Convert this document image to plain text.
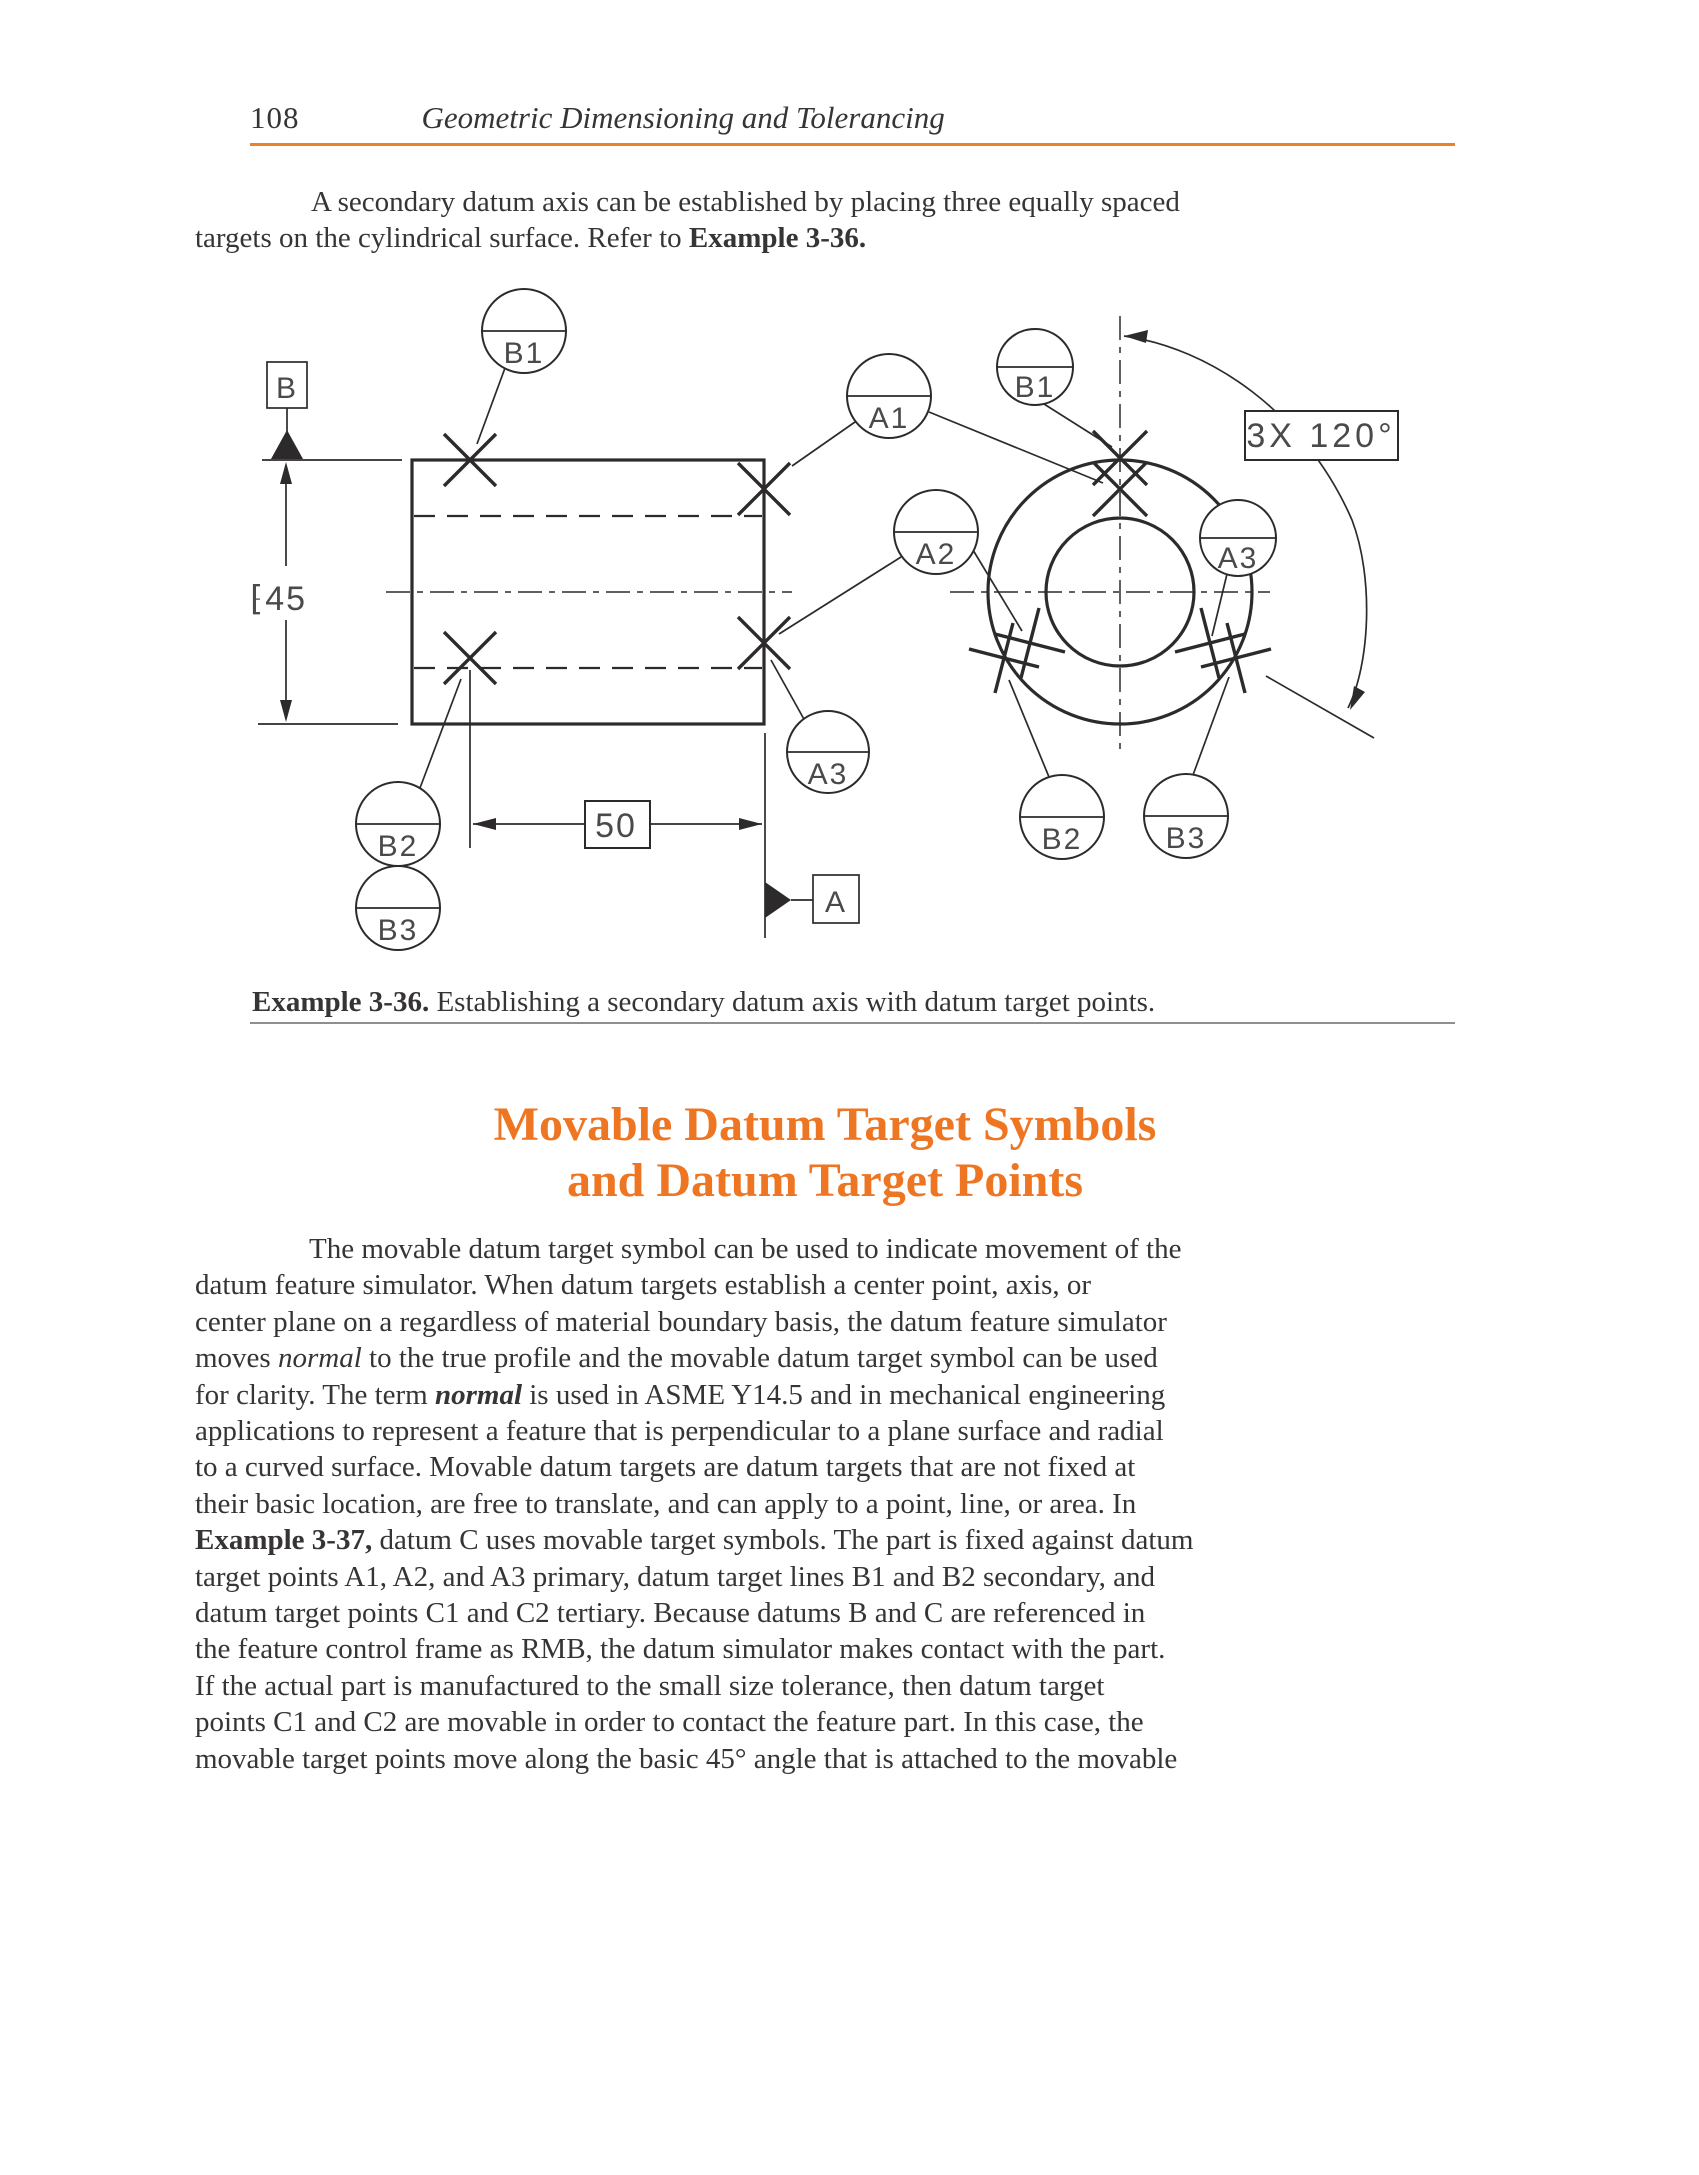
108	Geometric Dimensioning and Tolerancing
A secondary datum axis can be established by placing three equally spaced
targets on the cylindrical surface. Refer to Example 3-36.
B
⁅45
50
A
B1
B2
B3
A3
A1
B1
A2	A3
B2	B3
3X 120°
Example 3-36. Establishing a secondary datum axis with datum target points.
Movable Datum Target Symbols
and Datum Target Points
The movable datum target symbol can be used to indicate movement of the
datum feature simulator. When datum targets establish a center point, axis, or
center plane on a regardless of material boundary basis, the datum feature simulator
moves normal to the true profile and the movable datum target symbol can be used
for clarity. The term normal is used in ASME Y14.5 and in mechanical engineering
applications to represent a feature that is perpendicular to a plane surface and radial
to a curved surface. Movable datum targets are datum targets that are not fixed at
their basic location, are free to translate, and can apply to a point, line, or area. In
Example 3-37, datum C uses movable target symbols. The part is fixed against datum
target points A1, A2, and A3 primary, datum target lines B1 and B2 secondary, and
datum target points C1 and C2 tertiary. Because datums B and C are referenced in
the feature control frame as RMB, the datum simulator makes contact with the part.
If the actual part is manufactured to the small size tolerance, then datum target
points C1 and C2 are movable in order to contact the feature part. In this case, the
movable target points move along the basic 45° angle that is attached to the movable
